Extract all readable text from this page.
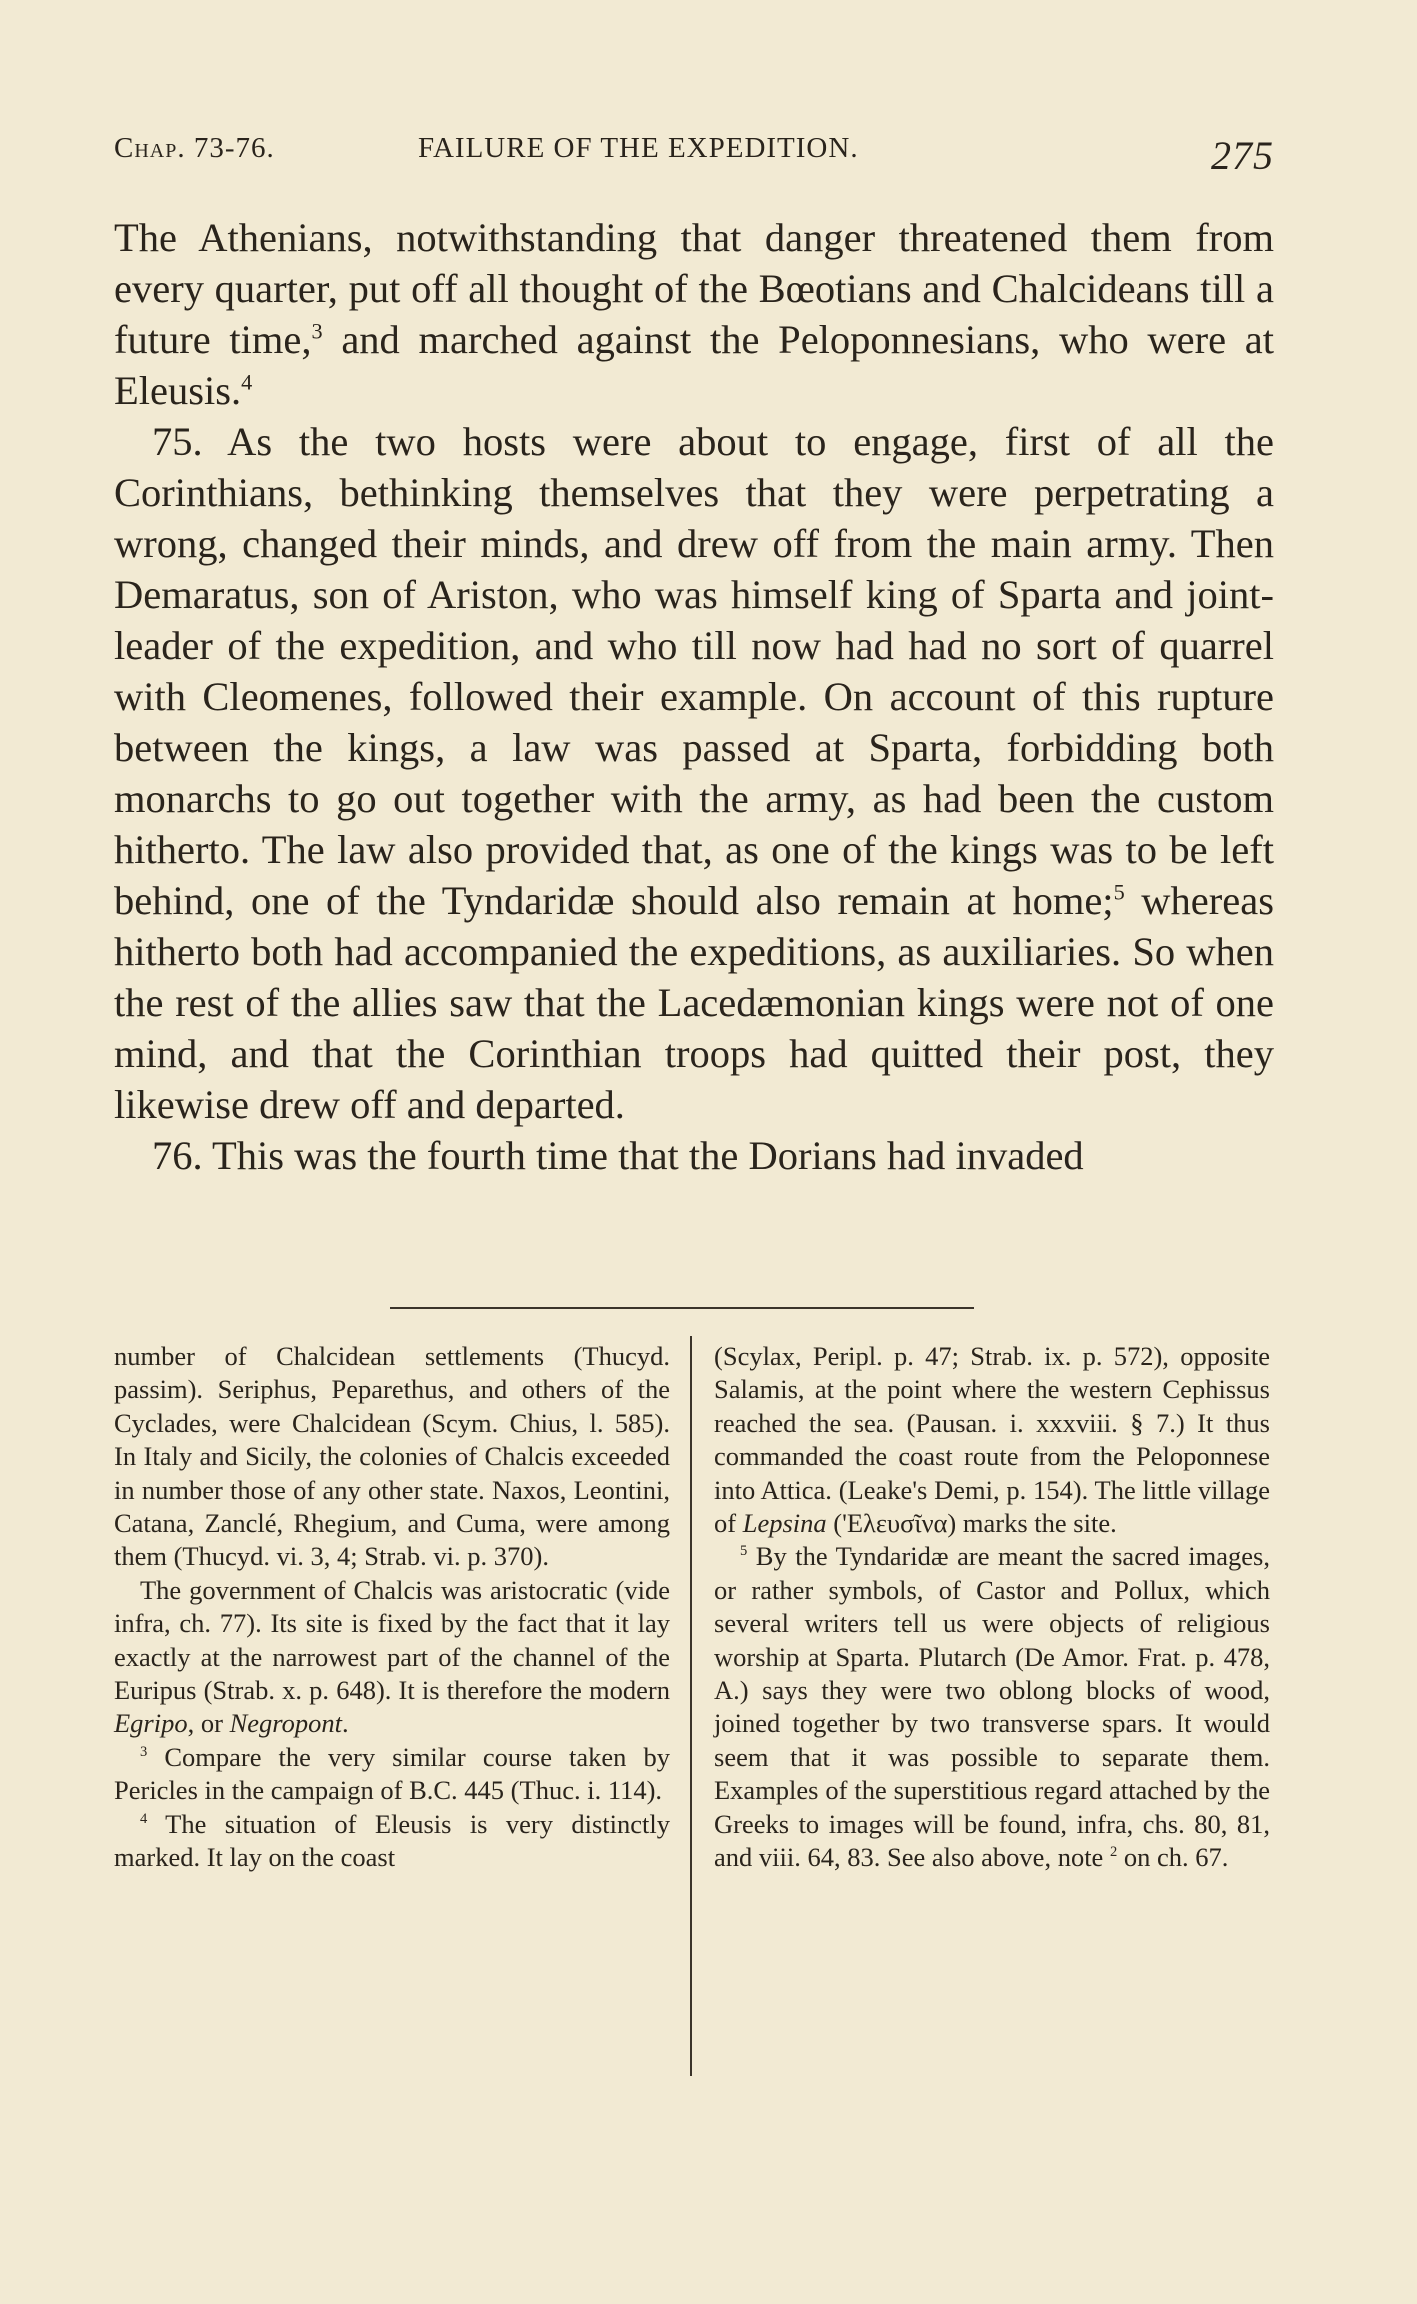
Chap. 73-76.	FAILURE OF THE EXPEDITION.	275

The Athenians, notwithstanding that danger threatened them from every quarter, put off all thought of the Bœotians and Chalcideans till a future time,$^3$ and marched against the Peloponnesians, who were at Eleusis.$^4$

75. As the two hosts were about to engage, first of all the Corinthians, bethinking themselves that they were perpetrating a wrong, changed their minds, and drew off from the main army. Then Demaratus, son of Ariston, who was himself king of Sparta and joint-leader of the expedition, and who till now had had no sort of quarrel with Cleomenes, followed their example. On account of this rupture between the kings, a law was passed at Sparta, forbidding both monarchs to go out together with the army, as had been the custom hitherto. The law also provided that, as one of the kings was to be left behind, one of the Tyndaridæ should also remain at home;$^5$ whereas hitherto both had accompanied the expeditions, as auxiliaries. So when the rest of the allies saw that the Lacedæmonian kings were not of one mind, and that the Corinthian troops had quitted their post, they likewise drew off and departed.

76. This was the fourth time that the Dorians had invaded

number of Chalcidean settlements (Thucyd. passim). Seriphus, Peparethus, and others of the Cyclades, were Chalcidean (Scym. Chius, l. 585). In Italy and Sicily, the colonies of Chalcis exceeded in number those of any other state. Naxos, Leontini, Catana, Zanclé, Rhegium, and Cuma, were among them (Thucyd. vi. 3, 4; Strab. vi. p. 370).

The government of Chalcis was aristocratic (vide infra, ch. 77). Its site is fixed by the fact that it lay exactly at the narrowest part of the channel of the Euripus (Strab. x. p. 648). It is therefore the modern Egripo, or Negropont.

$^3$ Compare the very similar course taken by Pericles in the campaign of B.C. 445 (Thuc. i. 114).

$^4$ The situation of Eleusis is very distinctly marked. It lay on the coast

(Scylax, Peripl. p. 47; Strab. ix. p. 572), opposite Salamis, at the point where the western Cephissus reached the sea. (Pausan. i. xxxviii. § 7.) It thus commanded the coast route from the Peloponnese into Attica. (Leake's Demi, p. 154). The little village of Lepsina ('Ελευσῖνα) marks the site.

$^5$ By the Tyndaridæ are meant the sacred images, or rather symbols, of Castor and Pollux, which several writers tell us were objects of religious worship at Sparta. Plutarch (De Amor. Frat. p. 478, A.) says they were two oblong blocks of wood, joined together by two transverse spars. It would seem that it was possible to separate them. Examples of the superstitious regard attached by the Greeks to images will be found, infra, chs. 80, 81, and viii. 64, 83. See also above, note $^2$ on ch. 67.
